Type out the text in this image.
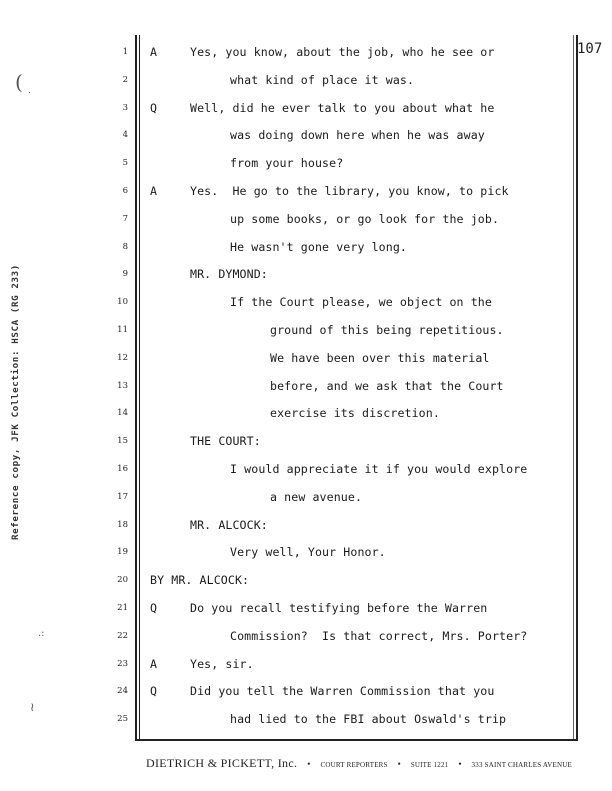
107
Reference copy, JFK Collection: HSCA (RG 233)
( .
.:
≀
1 A	Yes, you know, about the job, who he see or
2	what kind of place it was.
3 Q	Well, did he ever talk to you about what he
4	was doing down here when he was away
5	from your house?
6 A	Yes.  He go to the library, you know, to pick
7	up some books, or go look for the job.
8	He wasn't gone very long.
9	MR. DYMOND:
10	If the Court please, we object on the
11	ground of this being repetitious.
12	We have been over this material
13	before, and we ask that the Court
14	exercise its discretion.
15	THE COURT:
16	I would appreciate it if you would explore
17	a new avenue.
18	MR. ALCOCK:
19	Very well, Your Honor.
20 BY MR. ALCOCK:
21 Q	Do you recall testifying before the Warren
22	Commission?  Is that correct, Mrs. Porter?
23 A	Yes, sir.
24 Q	Did you tell the Warren Commission that you
25	had lied to the FBI about Oswald's trip
DIETRICH & PICKETT, Inc. • COURT REPORTERS • SUITE 1221 • 333 SAINT CHARLES AVENUE
